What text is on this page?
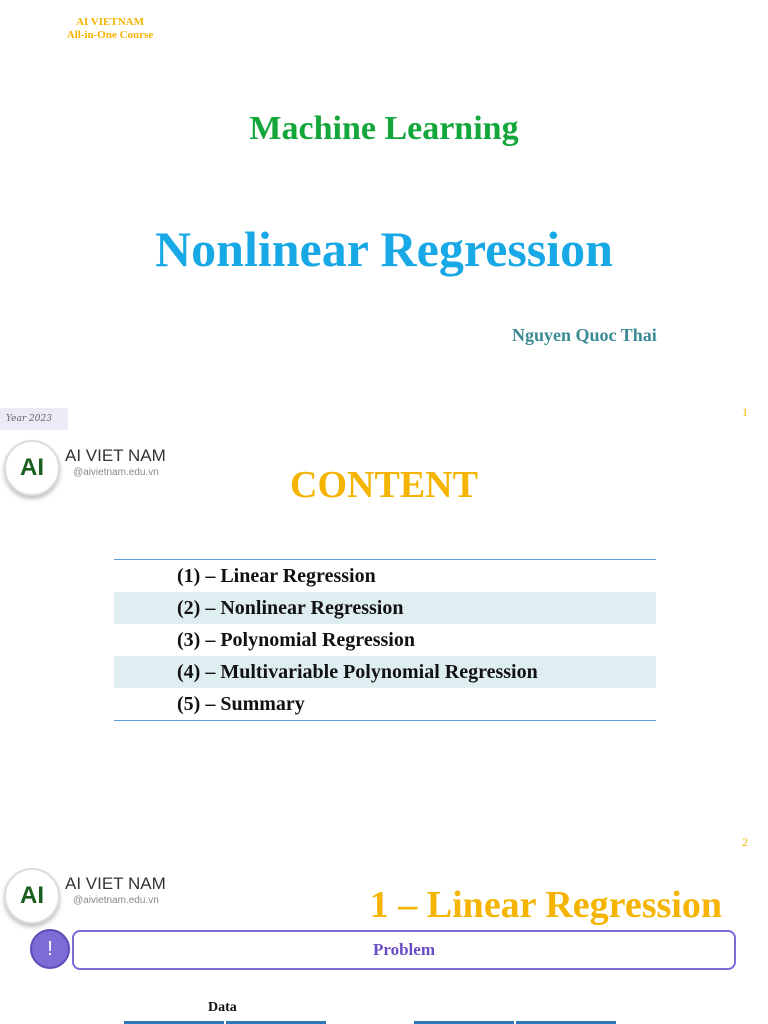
AI VIETNAM
All-in-One Course
Machine Learning
Nonlinear Regression
Nguyen Quoc Thai
Year 2023	1
AI	AI VIET NAM
@aivietnam.edu.vn	CONTENT
(1) – Linear Regression
(2) – Nonlinear Regression
(3) – Polynomial Regression
(4) – Multivariable Polynomial Regression
(5) – Summary
2
AI	AI VIET NAM
@aivietnam.edu.vn	1 – Linear Regression
!	Problem
Data
